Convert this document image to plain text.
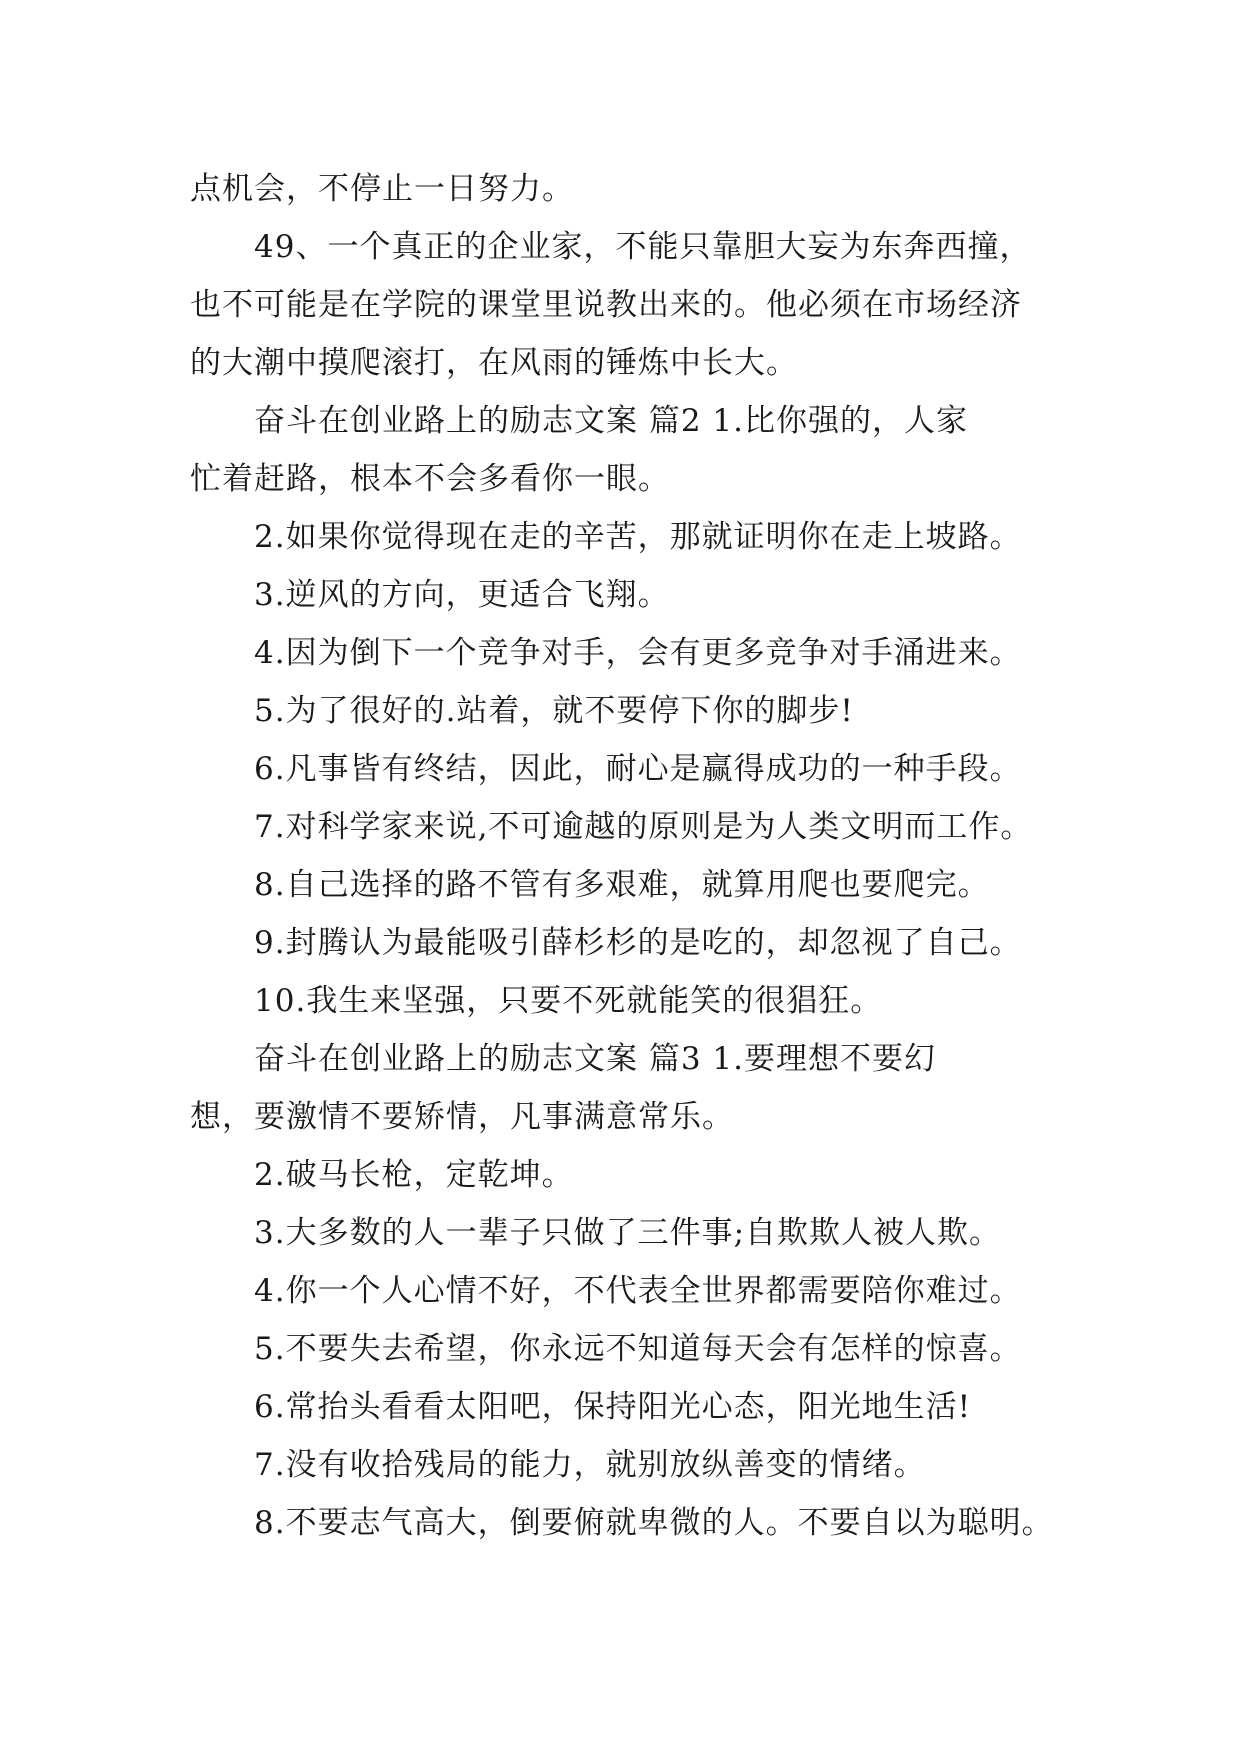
点机会，不停止一日努力。

49、一个真正的企业家，不能只靠胆大妄为东奔西撞，

也不可能是在学院的课堂里说教出来的。他必须在市场经济

的大潮中摸爬滚打，在风雨的锤炼中长大。

奋斗在创业路上的励志文案 篇2 1.比你强的，人家

忙着赶路，根本不会多看你一眼。

2.如果你觉得现在走的辛苦，那就证明你在走上坡路。

3.逆风的方向，更适合飞翔。

4.因为倒下一个竞争对手，会有更多竞争对手涌进来。

5.为了很好的.站着，就不要停下你的脚步!

6.凡事皆有终结，因此，耐心是赢得成功的一种手段。

7.对科学家来说,不可逾越的原则是为人类文明而工作。

8.自己选择的路不管有多艰难，就算用爬也要爬完。

9.封腾认为最能吸引薛杉杉的是吃的，却忽视了自己。

10.我生来坚强，只要不死就能笑的很猖狂。

奋斗在创业路上的励志文案 篇3 1.要理想不要幻

想，要激情不要矫情，凡事满意常乐。

2.破马长枪，定乾坤。

3.大多数的人一辈子只做了三件事;自欺欺人被人欺。

4.你一个人心情不好，不代表全世界都需要陪你难过。

5.不要失去希望，你永远不知道每天会有怎样的惊喜。

6.常抬头看看太阳吧，保持阳光心态，阳光地生活!

7.没有收拾残局的能力，就别放纵善变的情绪。

8.不要志气高大，倒要俯就卑微的人。不要自以为聪明。
